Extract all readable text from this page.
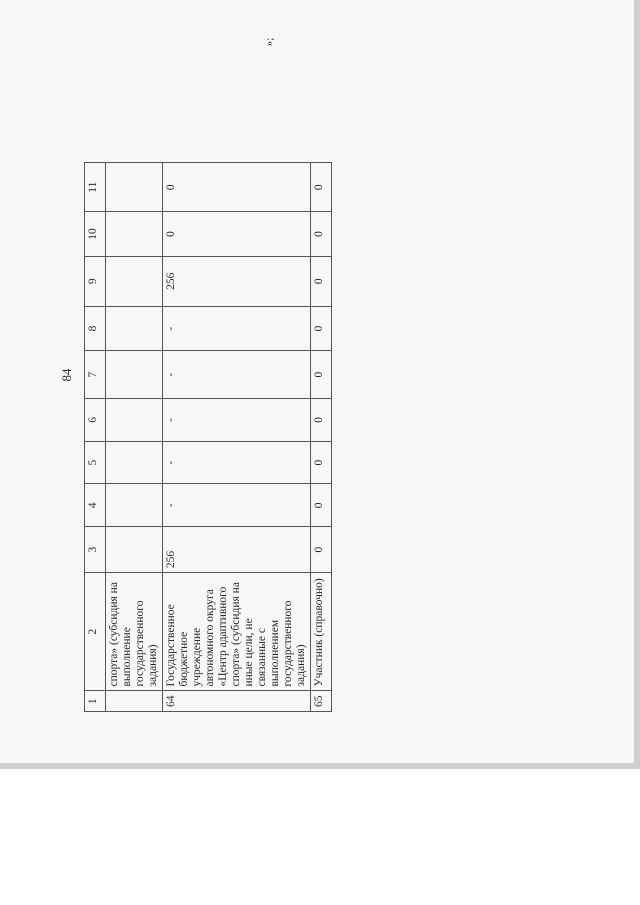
84
»;
1	2	3	4	5	6	7	8	9	10	11
	спорта» (субсидия на выполнение государственного задания)									
64	Государственное бюджетное учреждение автономного округа «Центр адаптивного спорта» (субсидия на иные цели, не связанные с выполнением государственного задания)	256	-	-	-	-	-	256	0	0
65	Участник (справочно)	0	0	0	0	0	0	0	0	0
